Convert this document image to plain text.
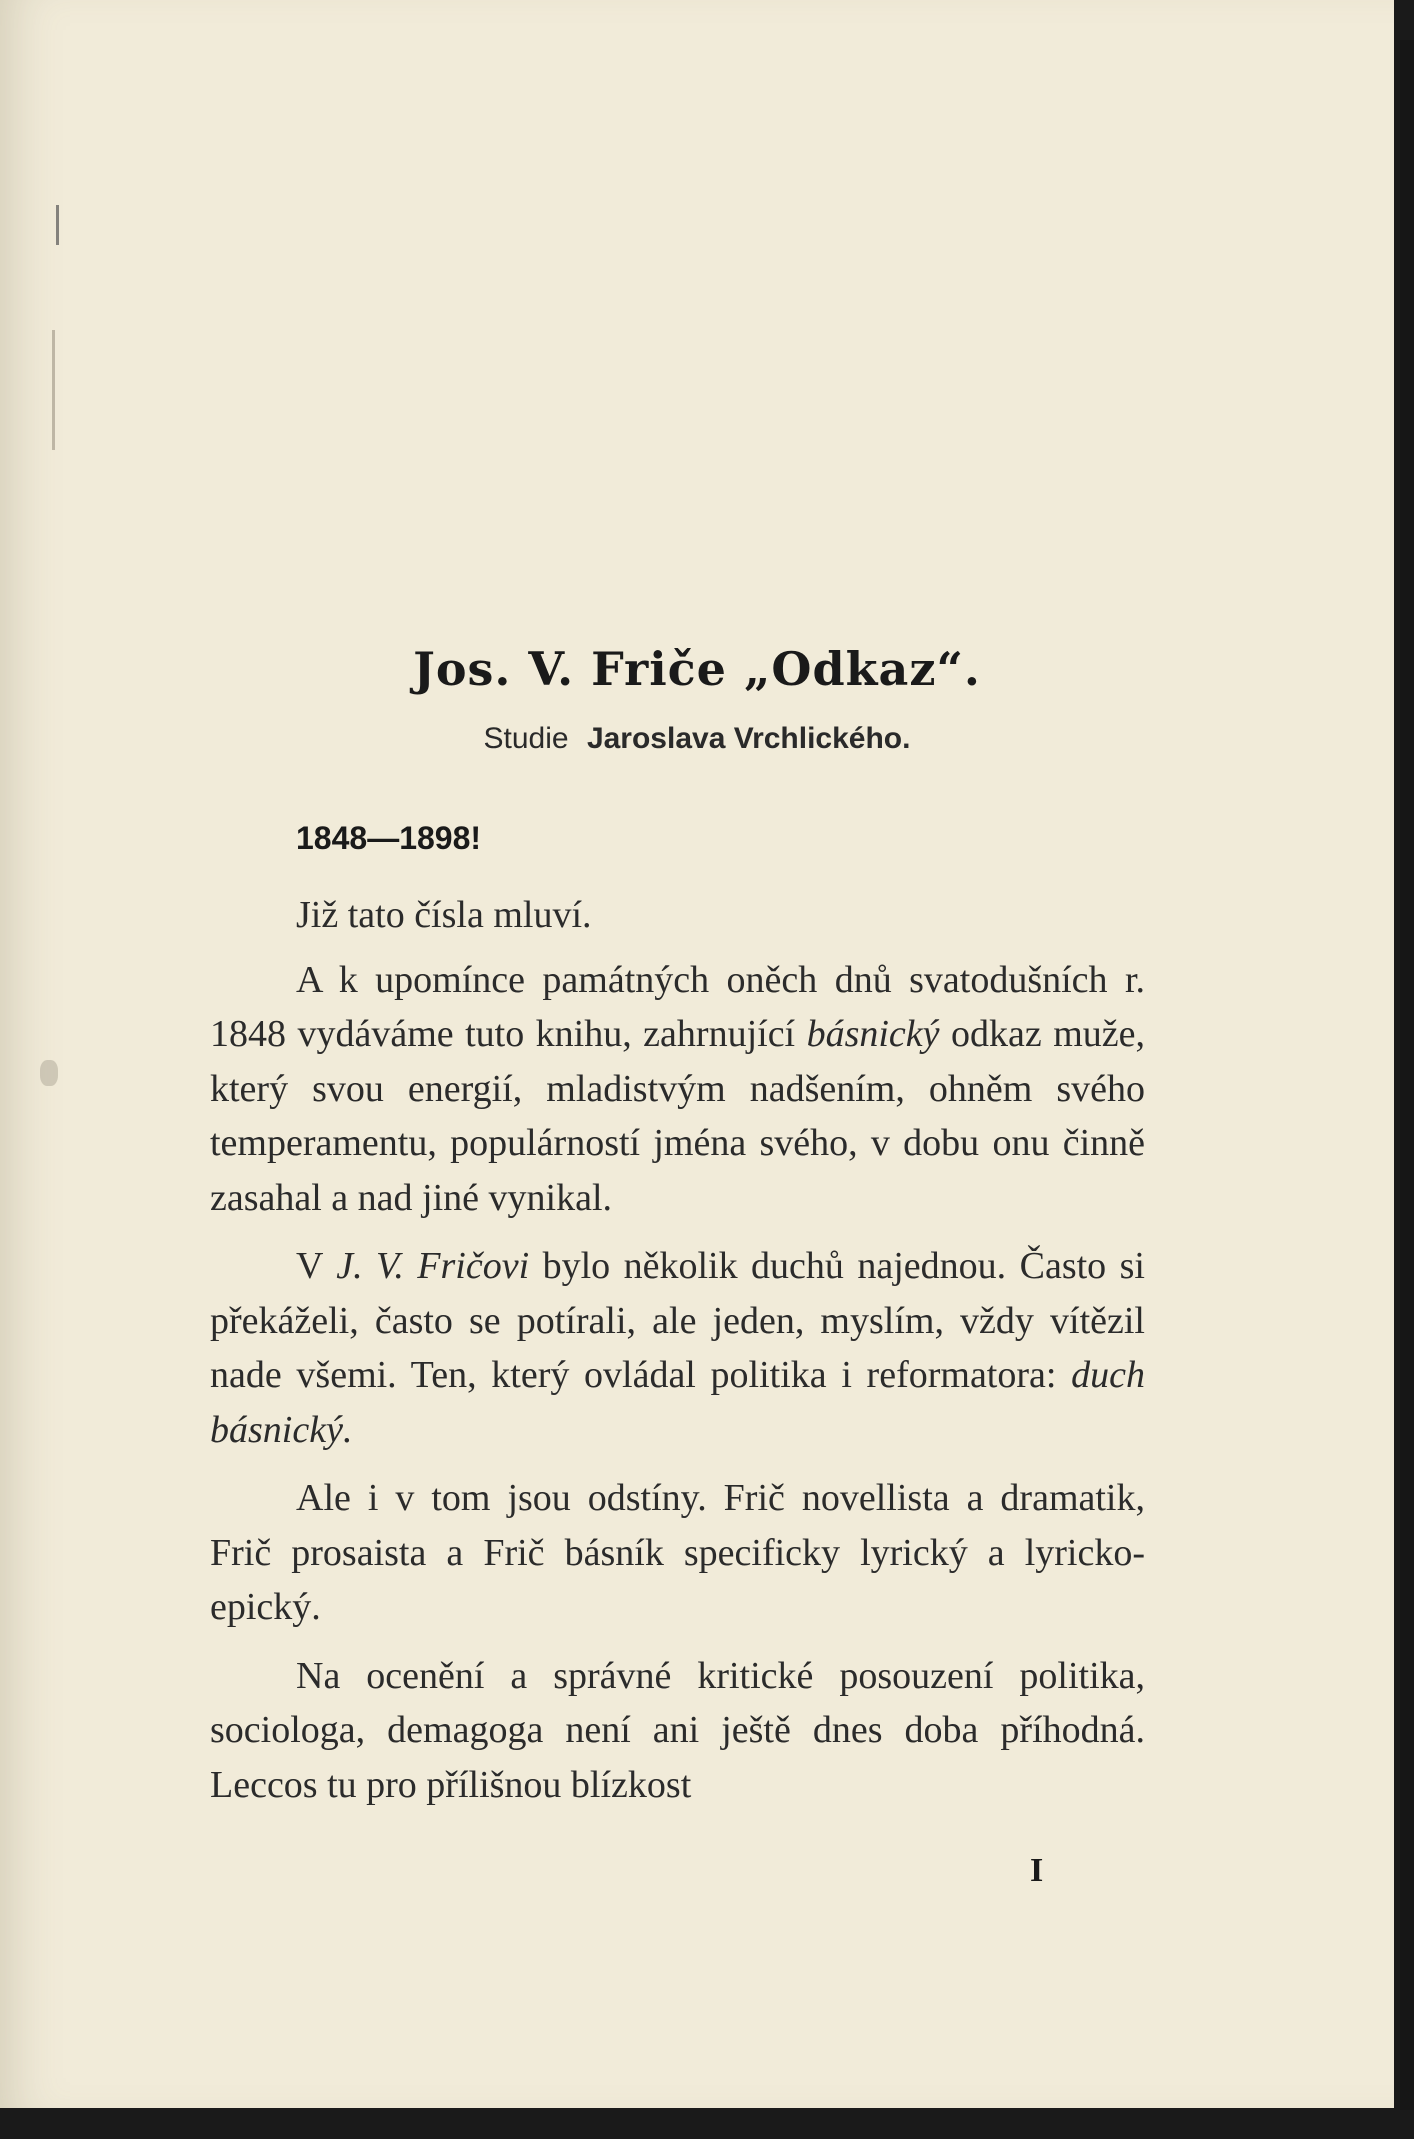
Jos. V. Friče „Odkaz“.
Studie Jaroslava Vrchlického.
1848—1898!

Již tato čísla mluví.

A k upomínce památných oněch dnů svatodušních r. 1848 vydáváme tuto knihu, zahrnující básnický odkaz muže, který svou energií, mladistvým nadšením, ohněm svého temperamentu, populárností jména svého, v dobu onu činně zasahal a nad jiné vynikal.

V J. V. Fričovi bylo několik duchů najednou. Často si překáželi, často se potírali, ale jeden, myslím, vždy vítězil nade všemi. Ten, který ovládal politika i reformatora: duch básnický.

Ale i v tom jsou odstíny. Frič novellista a dramatik, Frič prosaista a Frič básník specificky lyrický a lyricko-epický.

Na ocenění a správné kritické posouzení politika, sociologa, demagoga není ani ještě dnes doba příhodná. Leccos tu pro přílišnou blízkost

I
